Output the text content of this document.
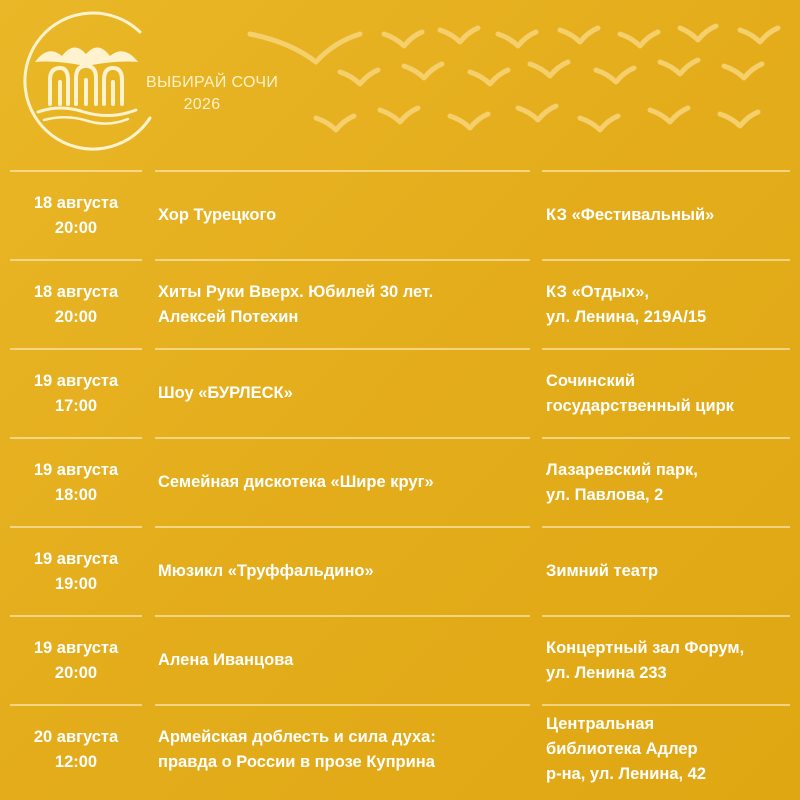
ВЫБИРАЙ СОЧИ
2026
18 августа
20:00
Хор Турецкого	КЗ «Фестивальный»
18 августа
20:00
Хиты Руки Вверх. Юбилей 30 лет.
Алексей Потехин
КЗ «Отдых»,
ул. Ленина, 219А/15
19 августа
17:00
Шоу «БУРЛЕСК»
Сочинский
государственный цирк
19 августа
18:00
Семейная дискотека «Шире круг»
Лазаревский парк,
ул. Павлова, 2
19 августа
19:00
Мюзикл «Труффальдино»	Зимний театр
19 августа
20:00
Алена Иванцова
Концертный зал Форум,
ул. Ленина 233
20 августа
12:00
Армейская доблесть и сила духа:
правда о России в прозе Куприна
Центральная
библиотека Адлер
р-на, ул. Ленина, 42
